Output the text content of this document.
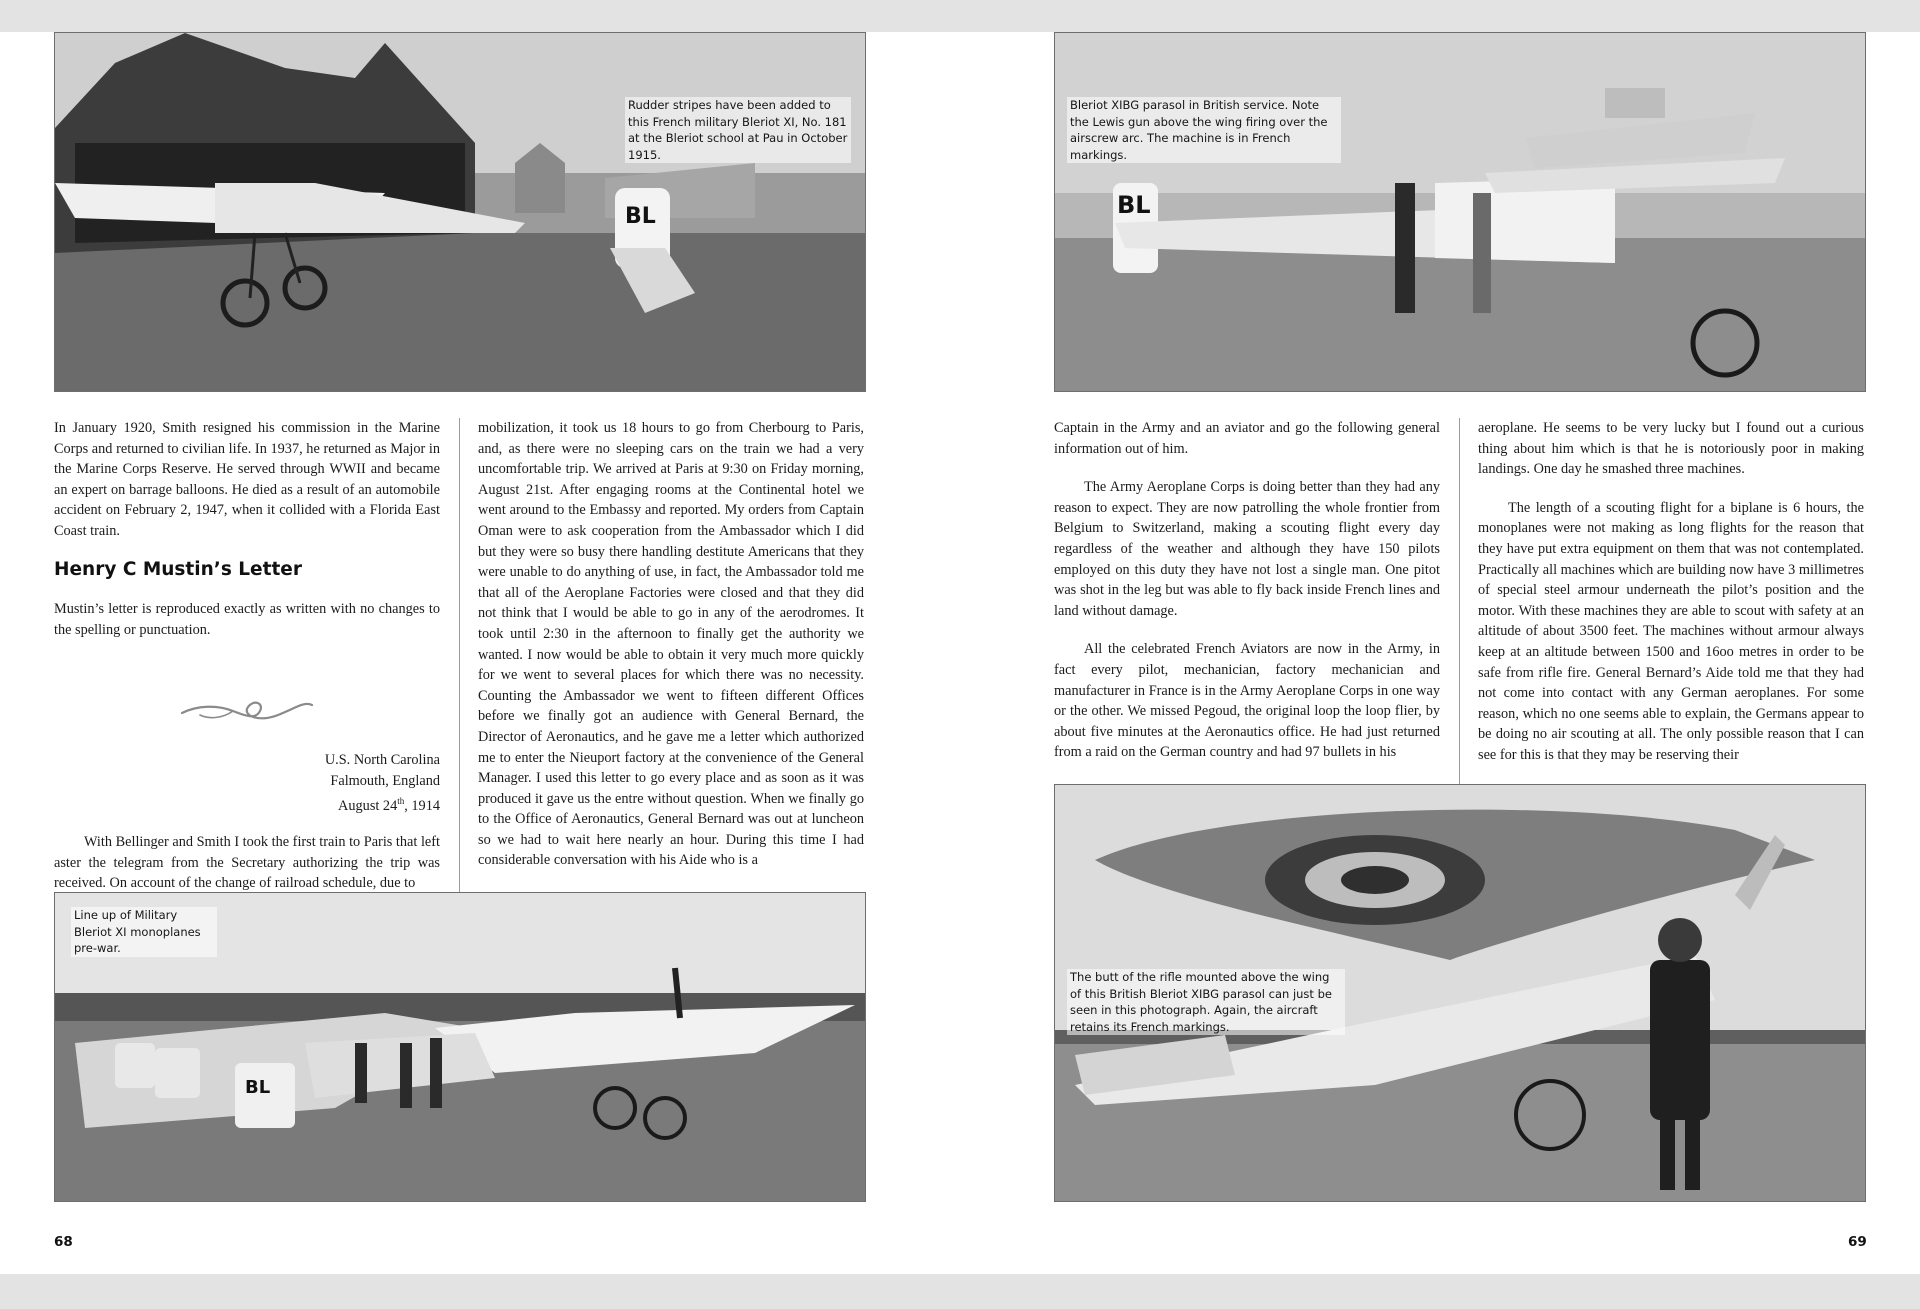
BL
Rudder stripes have been added to this French military Bleriot XI, No. 181 at the Bleriot school at Pau in October 1915.

In January 1920, Smith resigned his commission in the Marine Corps and returned to civilian life. In 1937, he returned as Major in the Marine Corps Reserve. He served through WWII and became an expert on barrage balloons. He died as a result of an automobile accident on February 2, 1947, when it collided with a Florida East Coast train.

Henry C Mustin’s Letter

Mustin’s letter is reproduced exactly as written with no changes to the spelling or punctuation.

U.S. North Carolina

Falmouth, England

August 24th, 1914

With Bellinger and Smith I took the first train to Paris that left aster the telegram from the Secretary authorizing the trip was received. On account of the change of railroad schedule, due to

mobilization, it took us 18 hours to go from Cherbourg to Paris, and, as there were no sleeping cars on the train we had a very uncomfortable trip. We arrived at Paris at 9:30 on Friday morning, August 21st. After engaging rooms at the Continental hotel we went around to the Embassy and reported. My orders from Captain Oman were to ask cooperation from the Ambassador which I did but they were so busy there handling destitute Americans that they were unable to do anything of use, in fact, the Ambassador told me that all of the Aeroplane Factories were closed and that they did not think that I would be able to go in any of the aerodromes. It took until 2:30 in the afternoon to finally get the authority we wanted. I now would be able to obtain it very much more quickly for we went to several places for which there was no necessity. Counting the Ambassador we went to fifteen different Offices before we finally got an audience with General Bernard, the Director of Aeronautics, and he gave me a letter which authorized me to enter the Nieuport factory at the convenience of the General Manager. I used this letter to go every place and as soon as it was produced it gave us the entre without question. When we finally go to the Office of Aeronautics, General Bernard was out at luncheon so we had to wait here nearly an hour. During this time I had considerable conversation with his Aide who is a

BL
Line up of Military Bleriot XI monoplanes pre-war.
68
BL
Bleriot XIBG parasol in British service. Note the Lewis gun above the wing firing over the airscrew arc. The machine is in French markings.

Captain in the Army and an aviator and go the following general information out of him.

The Army Aeroplane Corps is doing better than they had any reason to expect. They are now patrolling the whole frontier from Belgium to Switzerland, making a scouting flight every day regardless of the weather and although they have 150 pilots employed on this duty they have not lost a single man. One pitot was shot in the leg but was able to fly back inside French lines and land without damage.

All the celebrated French Aviators are now in the Army, in fact every pilot, mechanician, factory mechanician and manufacturer in France is in the Army Aeroplane Corps in one way or the other. We missed Pegoud, the original loop the loop flier, by about five minutes at the Aeronautics office. He had just returned from a raid on the German country and had 97 bullets in his

aeroplane. He seems to be very lucky but I found out a curious thing about him which is that he is notoriously poor in making landings. One day he smashed three machines.

The length of a scouting flight for a biplane is 6 hours, the monoplanes were not making as long flights for the reason that they have put extra equipment on them that was not contemplated. Practically all machines which are building now have 3 millimetres of special steel armour underneath the pilot’s position and the motor. With these machines they are able to scout with safety at an altitude of about 3500 feet. The machines without armour always keep at an altitude between 1500 and 16oo metres in order to be safe from rifle fire. General Bernard’s Aide told me that they had not come into contact with any German aeroplanes. For some reason, which no one seems able to explain, the Germans appear to be doing no air scouting at all. The only possible reason that I can see for this is that they may be reserving their

The butt of the rifle mounted above the wing of this British Bleriot XIBG parasol can just be seen in this photograph. Again, the aircraft retains its French markings.
69
